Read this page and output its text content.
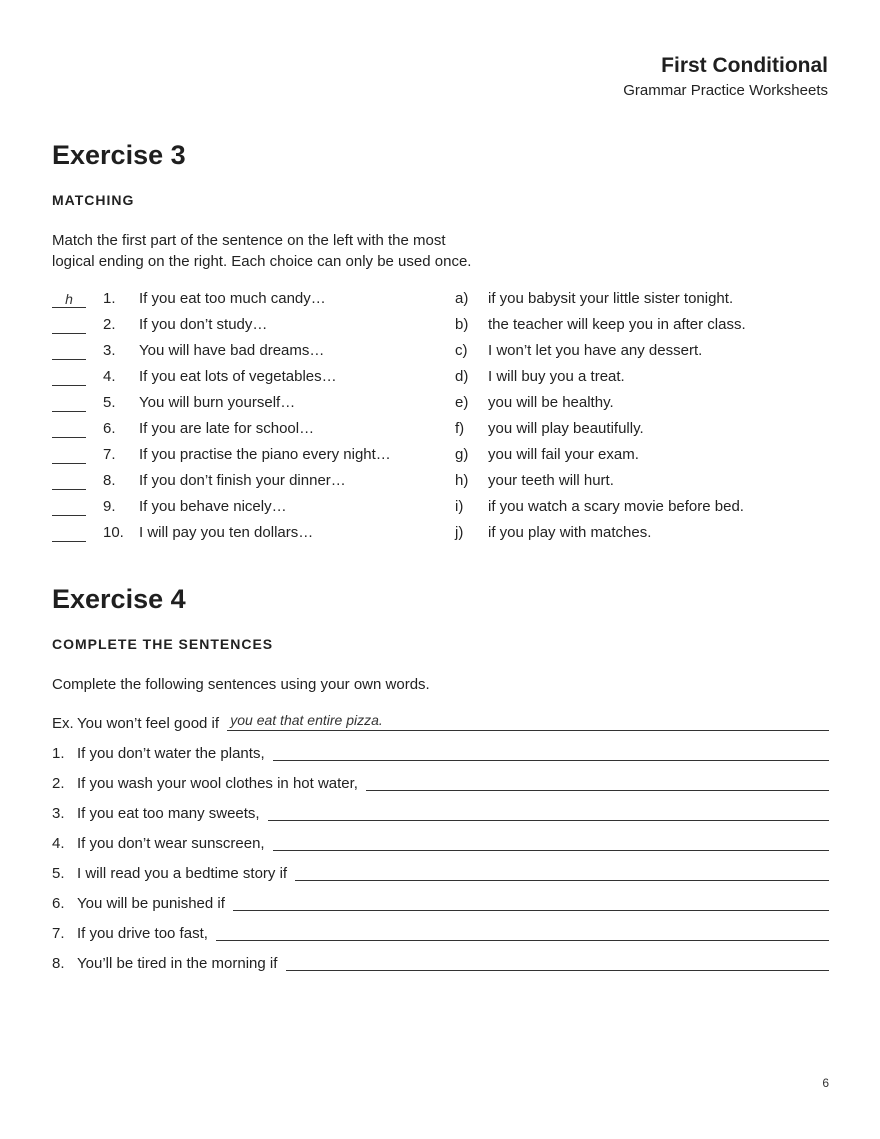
First Conditional
Grammar Practice Worksheets
Exercise 3
MATCHING
Match the first part of the sentence on the left with the most
logical ending on the right. Each choice can only be used once.
h	1. If you eat too much candy…	a) if you babysit your little sister tonight.
2. If you don’t study…	b) the teacher will keep you in after class.
3. You will have bad dreams…	c) I won’t let you have any dessert.
4. If you eat lots of vegetables…	d) I will buy you a treat.
5. You will burn yourself…	e) you will be healthy.
6. If you are late for school…	f) you will play beautifully.
7. If you practise the piano every night…	g) you will fail your exam.
8. If you don’t finish your dinner…	h) your teeth will hurt.
9. If you behave nicely…	i) if you watch a scary movie before bed.
10. I will pay you ten dollars…	j) if you play with matches.
Exercise 4
COMPLETE THE SENTENCES
Complete the following sentences using your own words.
Ex. You won’t feel good if you eat that entire pizza.
1. If you don’t water the plants,
2. If you wash your wool clothes in hot water,
3. If you eat too many sweets,
4. If you don’t wear sunscreen,
5. I will read you a bedtime story if
6. You will be punished if
7. If you drive too fast,
8. You’ll be tired in the morning if
6
